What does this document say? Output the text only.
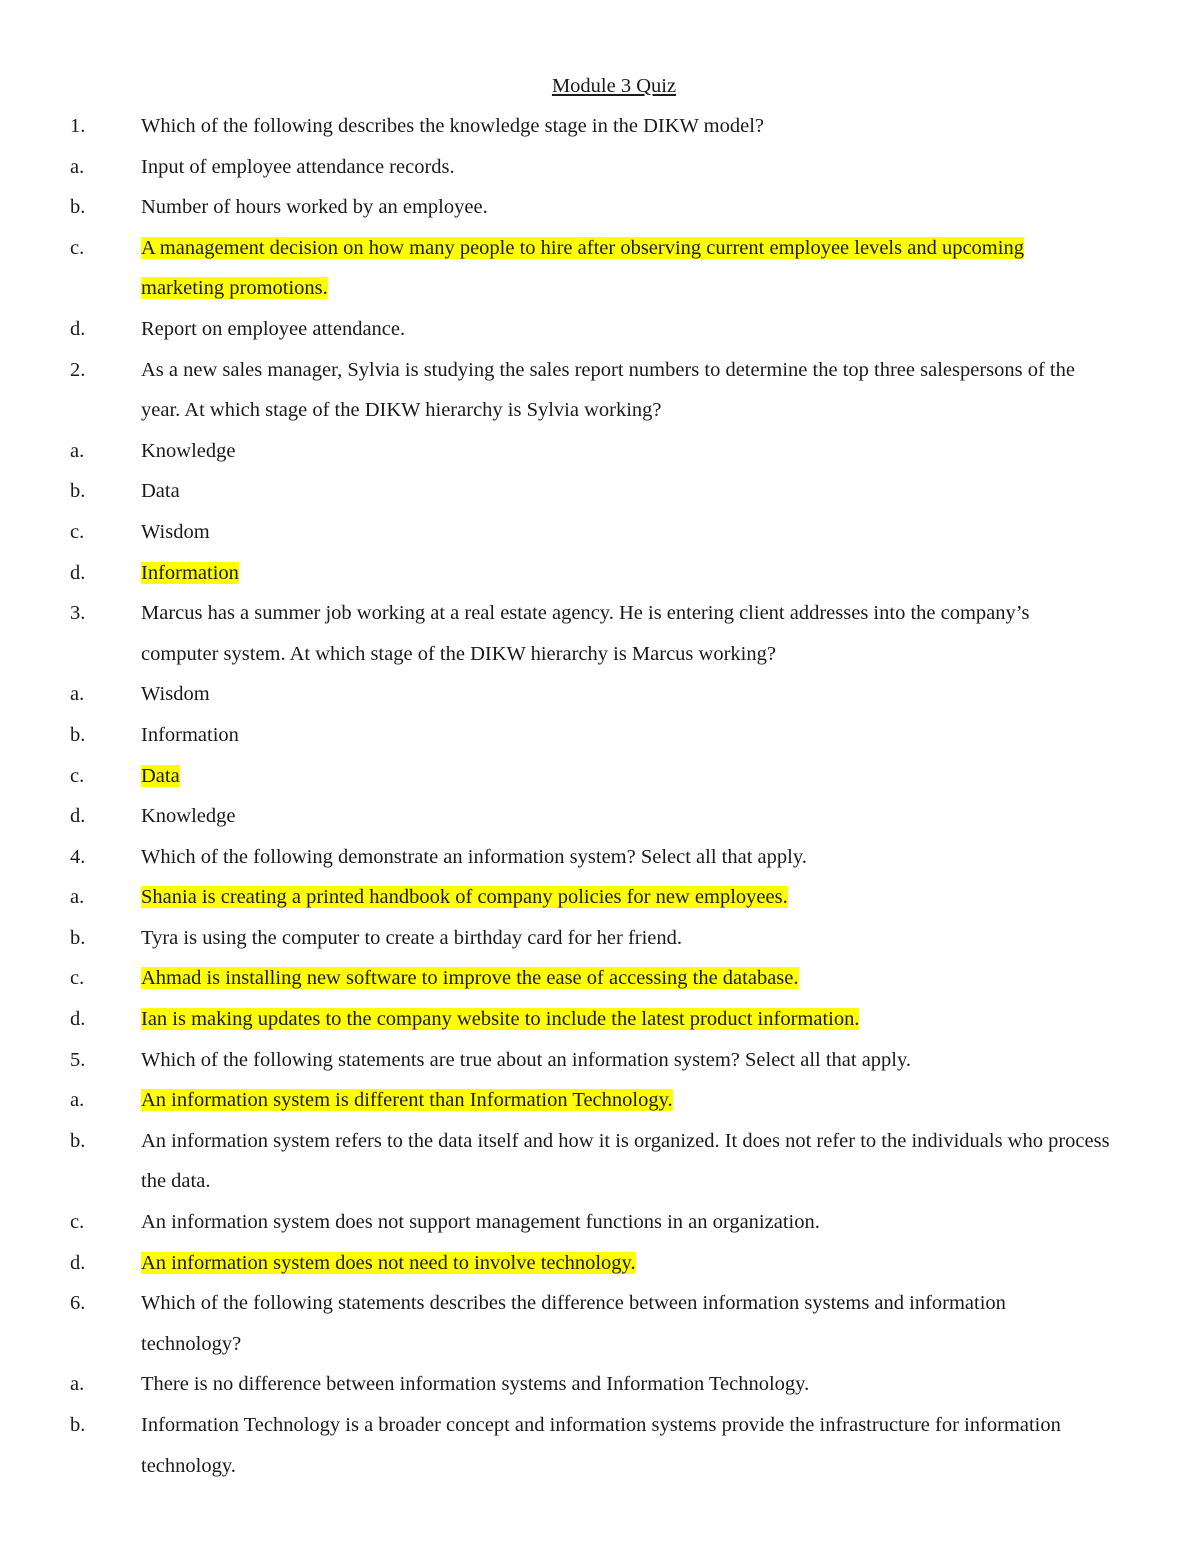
Module 3 Quiz

1.	Which of the following describes the knowledge stage in the DIKW model?

a.	Input of employee attendance records.

b.	Number of hours worked by an employee.

c.	A management decision on how many people to hire after observing current employee levels and upcoming marketing promotions.

d.	Report on employee attendance.

2.	As a new sales manager, Sylvia is studying the sales report numbers to determine the top three salespersons of the year. At which stage of the DIKW hierarchy is Sylvia working?

a.	Knowledge

b.	Data

c.	Wisdom

d.	Information

3.	Marcus has a summer job working at a real estate agency. He is entering client addresses into the company’s computer system. At which stage of the DIKW hierarchy is Marcus working?

a.	Wisdom

b.	Information

c.	Data

d.	Knowledge

4.	Which of the following demonstrate an information system? Select all that apply.

a.	Shania is creating a printed handbook of company policies for new employees.

b.	Tyra is using the computer to create a birthday card for her friend.

c.	Ahmad is installing new software to improve the ease of accessing the database.

d.	Ian is making updates to the company website to include the latest product information.

5.	Which of the following statements are true about an information system? Select all that apply.

a.	An information system is different than Information Technology.

b.	An information system refers to the data itself and how it is organized. It does not refer to the individuals who process the data.

c.	An information system does not support management functions in an organization.

d.	An information system does not need to involve technology.

6.	Which of the following statements describes the difference between information systems and information technology?

a.	There is no difference between information systems and Information Technology.

b.	Information Technology is a broader concept and information systems provide the infrastructure for information technology.
